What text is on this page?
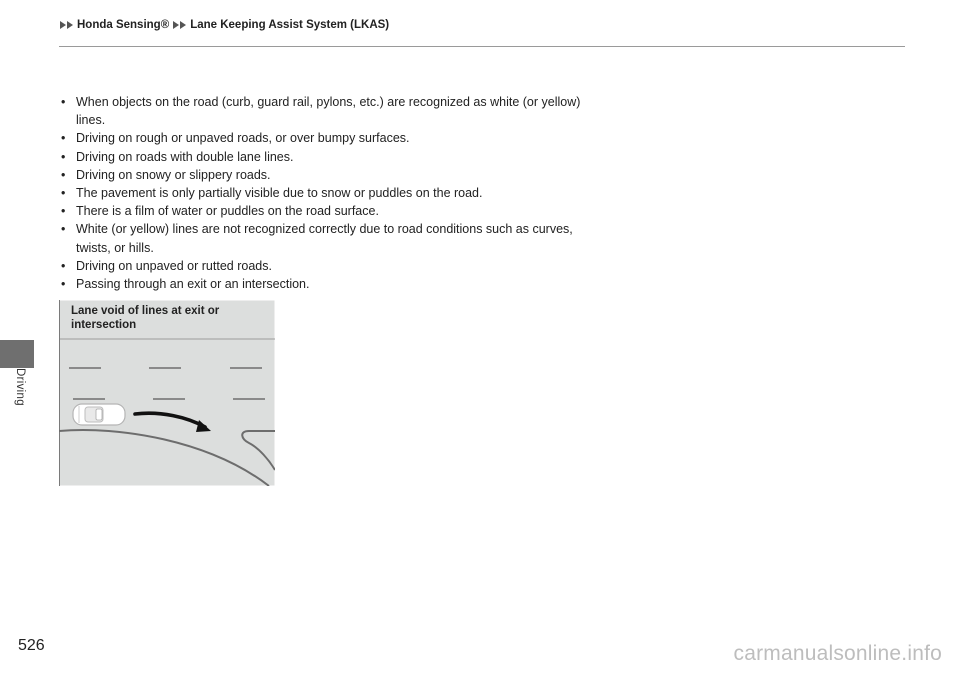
Honda Sensing® Lane Keeping Assist System (LKAS)
Driving
• When objects on the road (curb, guard rail, pylons, etc.) are recognized as white (or yellow) lines.
• Driving on rough or unpaved roads, or over bumpy surfaces.
• Driving on roads with double lane lines.
• Driving on snowy or slippery roads.
• The pavement is only partially visible due to snow or puddles on the road.
• There is a film of water or puddles on the road surface.
• White (or yellow) lines are not recognized correctly due to road conditions such as curves, twists, or hills.
• Driving on unpaved or rutted roads.
• Passing through an exit or an intersection.
Lane void of lines at exit or intersection
526	carmanualsonline.info
